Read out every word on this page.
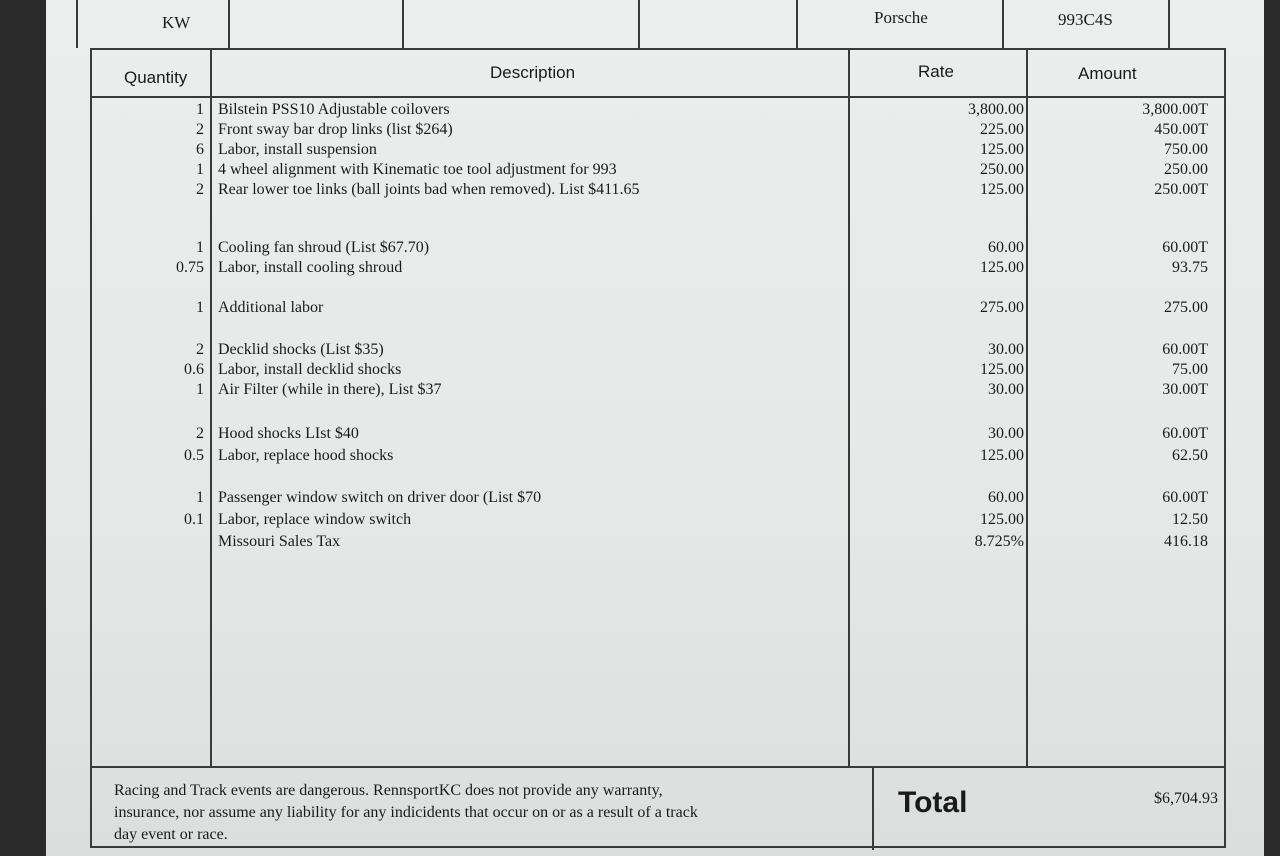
KW	Porsche	993C4S
Quantity	Description	Rate	Amount
1 Bilstein PSS10 Adjustable coilovers	3,800.00	3,800.00T
2 Front sway bar drop links (list $264)	225.00	450.00T
6 Labor, install suspension	125.00	750.00
1 4 wheel alignment with Kinematic toe tool adjustment for 993	250.00	250.00
2 Rear lower toe links (ball joints bad when removed). List $411.65	125.00	250.00T
1 Cooling fan shroud (List $67.70)	60.00	60.00T
0.75 Labor, install cooling shroud	125.00	93.75
1 Additional labor	275.00	275.00
2 Decklid shocks (List $35)	30.00	60.00T
0.6 Labor, install decklid shocks	125.00	75.00
1 Air Filter (while in there), List $37	30.00	30.00T
2 Hood shocks LIst $40	30.00	60.00T
0.5 Labor, replace hood shocks	125.00	62.50
1 Passenger window switch on driver door (List $70	60.00	60.00T
0.1 Labor, replace window switch	125.00	12.50
Missouri Sales Tax	8.725%	416.18
Racing and Track events are dangerous. RennsportKC does not provide any warranty,
insurance, nor assume any liability for any indicidents that occur on or as a result of a track
day event or race.
Total	$6,704.93
